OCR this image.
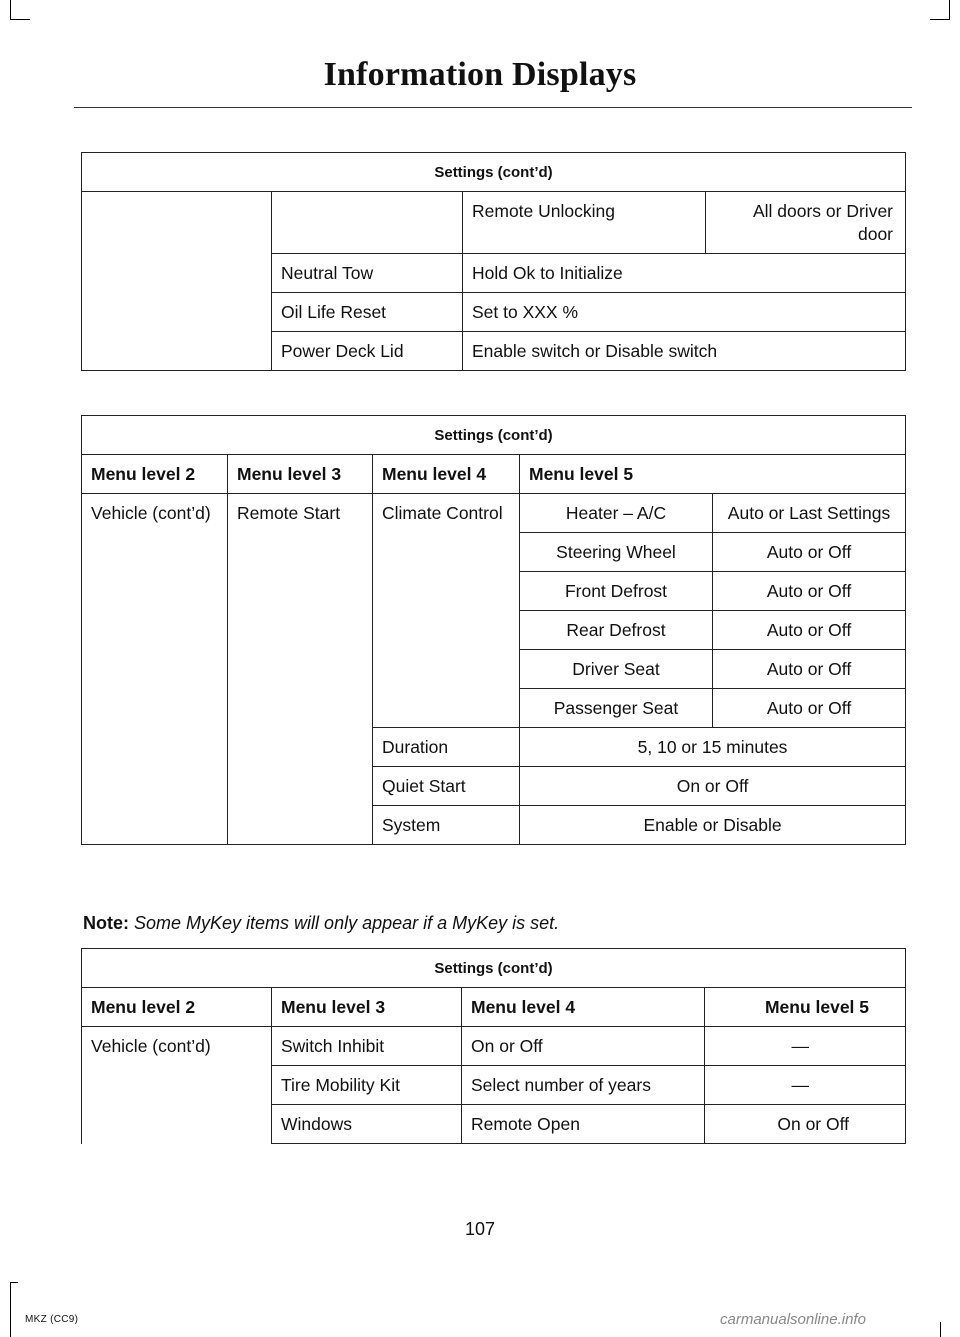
Information Displays
Settings (cont’d)			
		Remote Unlocking	All doors or Driver door
	Neutral Tow	Hold Ok to Initialize	
	Oil Life Reset	Set to XXX %	
	Power Deck Lid	Enable switch or Disable switch	
Settings (cont’d)				
Menu level 2	Menu level 3	Menu level 4	Menu level 5	
Vehicle (cont’d)	Remote Start	Climate Control	Heater – A/C	Auto or Last Settings
			Steering Wheel	Auto or Off
			Front Defrost	Auto or Off
			Rear Defrost	Auto or Off
			Driver Seat	Auto or Off
			Passenger Seat	Auto or Off
		Duration	5, 10 or 15 minutes	
		Quiet Start	On or Off	
		System	Enable or Disable	
Note: Some MyKey items will only appear if a MyKey is set.
Settings (cont’d)			
Menu level 2	Menu level 3	Menu level 4	Menu level 5
Vehicle (cont’d)	Switch Inhibit	On or Off	—
	Tire Mobility Kit	Select number of years	—
	Windows	Remote Open	On or Off
107
MKZ (CC9)	carmanualsonline.info
